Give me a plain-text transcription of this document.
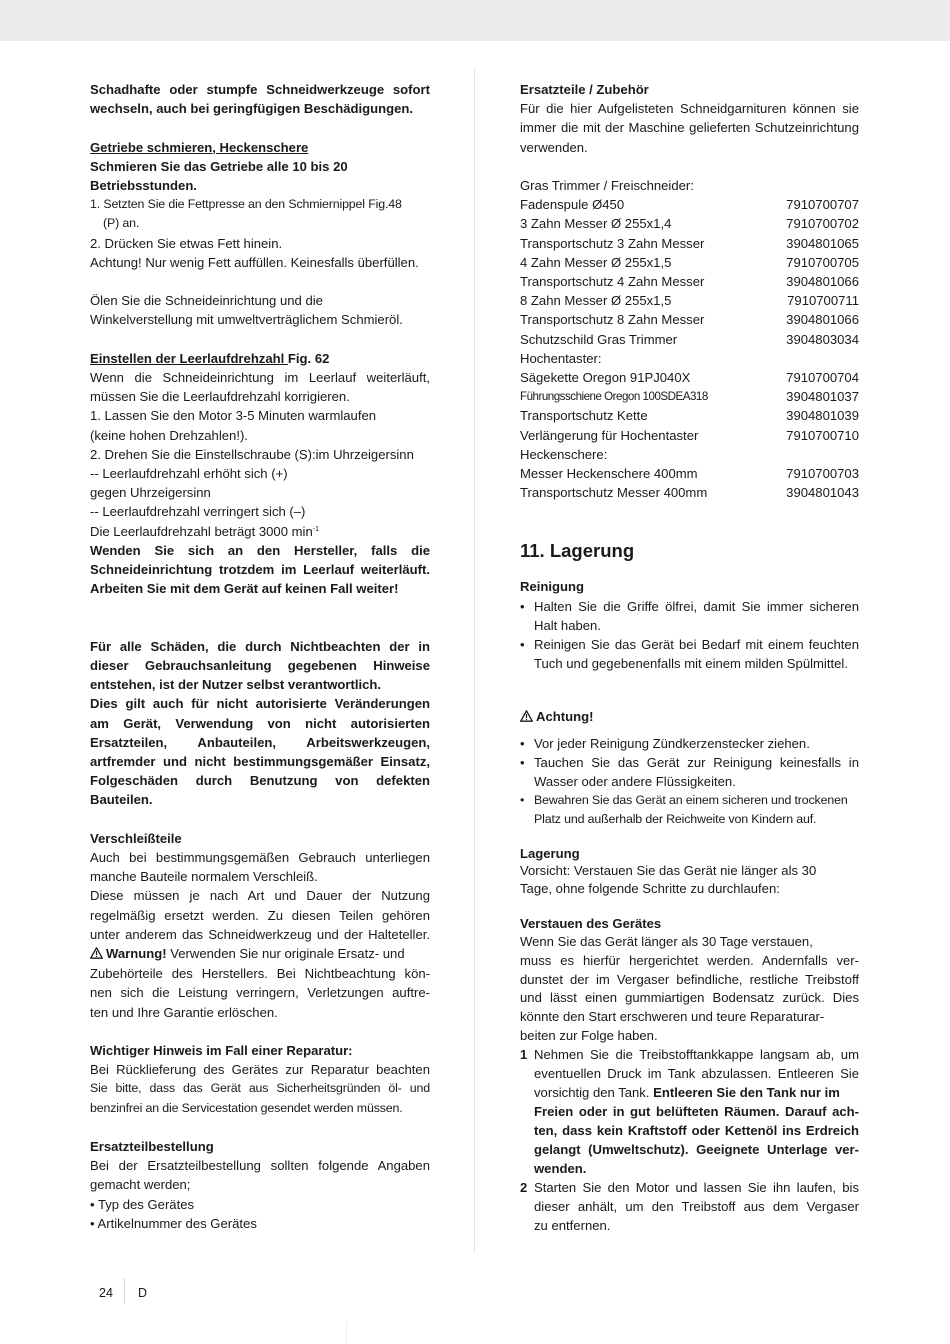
Schadhafte oder stumpfe Schneidwerkzeuge sofort

wechseln, auch bei geringfügigen Beschädigungen.

Getriebe schmieren, Heckenschere

Schmieren Sie das Getriebe alle 10 bis 20

Betriebsstunden.

1. Setzten Sie die Fettpresse an den Schmiernippel Fig.48

(P) an.

2. Drücken Sie etwas Fett hinein.

Achtung! Nur wenig Fett auffüllen. Keinesfalls überfüllen.

Ölen Sie die Schneideinrichtung und die

Winkelverstellung mit umweltverträglichem Schmieröl.

Einstellen der Leerlaufdrehzahl Fig. 62

Wenn die Schneideinrichtung im Leerlauf weiterläuft,

müssen Sie die Leerlaufdrehzahl korrigieren.

1. Lassen Sie den Motor 3-5 Minuten warmlaufen

(keine hohen Drehzahlen!).

2. Drehen Sie die Einstellschraube (S):im Uhrzeigersinn

-- Leerlaufdrehzahl erhöht sich (+)

gegen Uhrzeigersinn

-- Leerlaufdrehzahl verringert sich (–)

Die Leerlaufdrehzahl beträgt 3000 $\min^{-1}$

Wenden Sie sich an den Hersteller, falls die

Schneideinrichtung trotzdem im Leerlauf weiterläuft.

Arbeiten Sie mit dem Gerät auf keinen Fall weiter!

Für alle Schäden, die durch Nichtbeachten der in

dieser Gebrauchsanleitung gegebenen Hinweise

entstehen, ist der Nutzer selbst verantwortlich.

Dies gilt auch für nicht autorisierte Veränderungen

am Gerät, Verwendung von nicht autorisierten

Ersatzteilen, Anbauteilen, Arbeitswerkzeugen,

artfremder und nicht bestimmungsgemäßer Einsatz,

Folgeschäden durch Benutzung von defekten

Bauteilen.

Verschleißteile

Auch bei bestimmungsgemäßen Gebrauch unterliegen

manche Bauteile normalem Verschleiß.

Diese müssen je nach Art und Dauer der Nutzung

regelmäßig ersetzt werden. Zu diesen Teilen gehören

unter anderem das Schneidwerkzeug und der Halteteller.

Warnung! Verwenden Sie nur originale Ersatz- und

Zubehörteile des Herstellers. Bei Nichtbeachtung kön-

nen sich die Leistung verringern, Verletzungen auftre-

ten und Ihre Garantie erlöschen.

Wichtiger Hinweis im Fall einer Reparatur:

Bei Rücklieferung des Gerätes zur Reparatur beachten

Sie bitte, dass das Gerät aus Sicherheitsgründen öl- und

benzinfrei an die Servicestation gesendet werden müssen.

Ersatzteilbestellung

Bei der Ersatzteilbestellung sollten folgende Angaben

gemacht werden;

• Typ des Gerätes

• Artikelnummer des Gerätes

Ersatzteile / Zubehör

Für die hier Aufgelisteten Schneidgarnituren können sie

immer die mit der Maschine gelieferten Schutzeinrichtung

verwenden.

Gras Trimmer / Freischneider:

Fadenspule Ø450	7910700707
3 Zahn Messer Ø 255x1,4	7910700702
Transportschutz 3 Zahn Messer	3904801065
4 Zahn Messer Ø 255x1,5	7910700705
Transportschutz 4 Zahn Messer	3904801066
8 Zahn Messer Ø 255x1,5	7910700711
Transportschutz 8 Zahn Messer	3904801066
Schutzschild Gras Trimmer	3904803034

Hochentaster:

Sägekette Oregon 91PJ040X	7910700704
Führungsschiene Oregon 100SDEA318	3904801037
Transportschutz Kette	3904801039
Verlängerung für Hochentaster	7910700710

Heckenschere:

Messer Heckenschere 400mm	7910700703
Transportschutz Messer 400mm	3904801043
11. Lagerung

Reinigung

• Halten Sie die Griffe ölfrei, damit Sie immer sicheren

Halt haben.

• Reinigen Sie das Gerät bei Bedarf mit einem feuchten

Tuch und gegebenenfalls mit einem milden Spülmittel.

Achtung!

• Vor jeder Reinigung Zündkerzenstecker ziehen.

• Tauchen Sie das Gerät zur Reinigung keinesfalls in

Wasser oder andere Flüssigkeiten.

• Bewahren Sie das Gerät an einem sicheren und trockenen

Platz und außerhalb der Reichweite von Kindern auf.

Lagerung

Vorsicht: Verstauen Sie das Gerät nie länger als 30

Tage, ohne folgende Schritte zu durchlaufen:

Verstauen des Gerätes

Wenn Sie das Gerät länger als 30 Tage verstauen,

muss es hierfür hergerichtet werden. Andernfalls ver-

dunstet der im Vergaser befindliche, restliche Treibstoff

und lässt einen gummiartigen Bodensatz zurück. Dies

könnte den Start erschweren und teure Reparaturar-

beiten zur Folge haben.

1 Nehmen Sie die Treibstofftankkappe langsam ab, um

eventuellen Druck im Tank abzulassen. Entleeren Sie

vorsichtig den Tank. Entleeren Sie den Tank nur im

Freien oder in gut belüfteten Räumen. Darauf ach-

ten, dass kein Kraftstoff oder Kettenöl ins Erdreich

gelangt (Umweltschutz). Geeignete Unterlage ver-

wenden.

2 Starten Sie den Motor und lassen Sie ihn laufen, bis

dieser anhält, um den Treibstoff aus dem Vergaser

zu entfernen.

24 D
